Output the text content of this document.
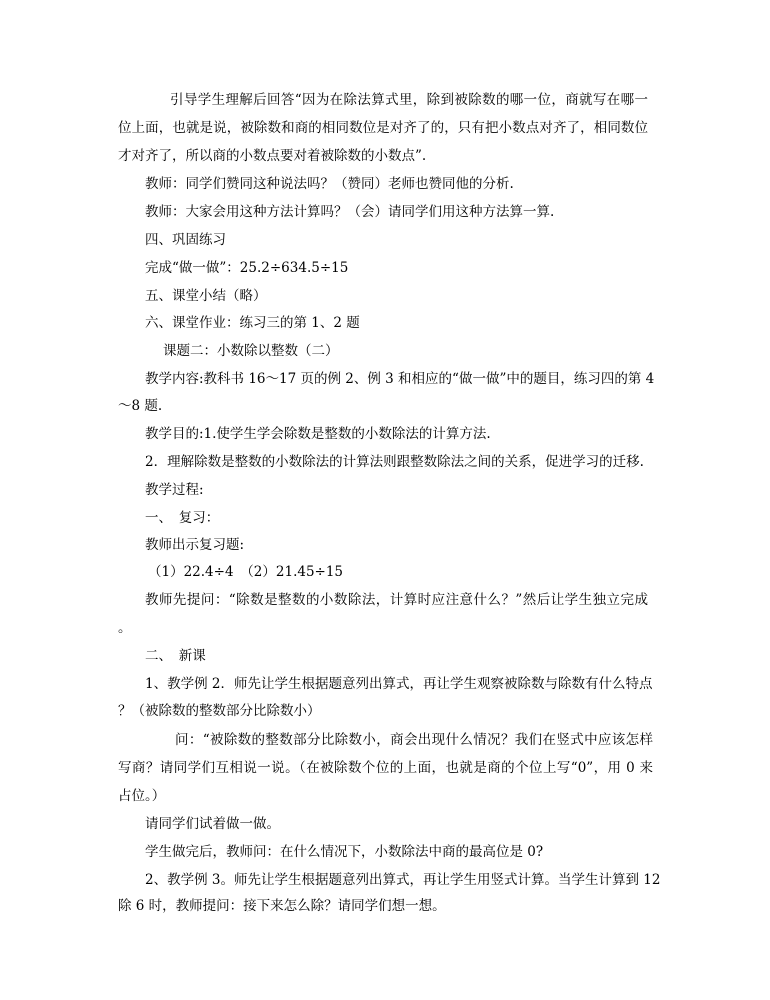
引导学生理解后回答“因为在除法算式里，除到被除数的哪一位，商就写在哪一
位上面，也就是说，被除数和商的相同数位是对齐了的，只有把小数点对齐了，相同数位
才对齐了，所以商的小数点要对着被除数的小数点”.
教师：同学们赞同这种说法吗？（赞同）老师也赞同他的分析.
教师：大家会用这种方法计算吗？（会）请同学们用这种方法算一算.
四、巩固练习
完成“做一做”：25.2÷634.5÷15
五、课堂小结（略）
六、课堂作业：练习三的第 1、2 题
课题二：小数除以整数（二）
教学内容:教科书 16～17 页的例 2、例 3 和相应的“做一做”中的题目，练习四的第 4
～8 题.
教学目的:1.使学生学会除数是整数的小数除法的计算方法.
2．理解除数是整数的小数除法的计算法则跟整数除法之间的关系，促进学习的迁移.
教学过程:
一、　复习：
教师出示复习题:
（1）22.4÷4　（2）21.45÷15
教师先提问：“除数是整数的小数除法，计算时应注意什么？”然后让学生独立完成
。
二、　新课
1、教学例 2．师先让学生根据题意列出算式，再让学生观察被除数与除数有什么特点
？（被除数的整数部分比除数小）
问：“被除数的整数部分比除数小，商会出现什么情况？我们在竖式中应该怎样
写商？请同学们互相说一说。（在被除数个位的上面，也就是商的个位上写“0”，用 0 来
占位。）
请同学们试着做一做。
学生做完后，教师问：在什么情况下，小数除法中商的最高位是 0?
2、教学例 3。师先让学生根据题意列出算式，再让学生用竖式计算。当学生计算到 12
除 6 时，教师提问：接下来怎么除？请同学们想一想。
